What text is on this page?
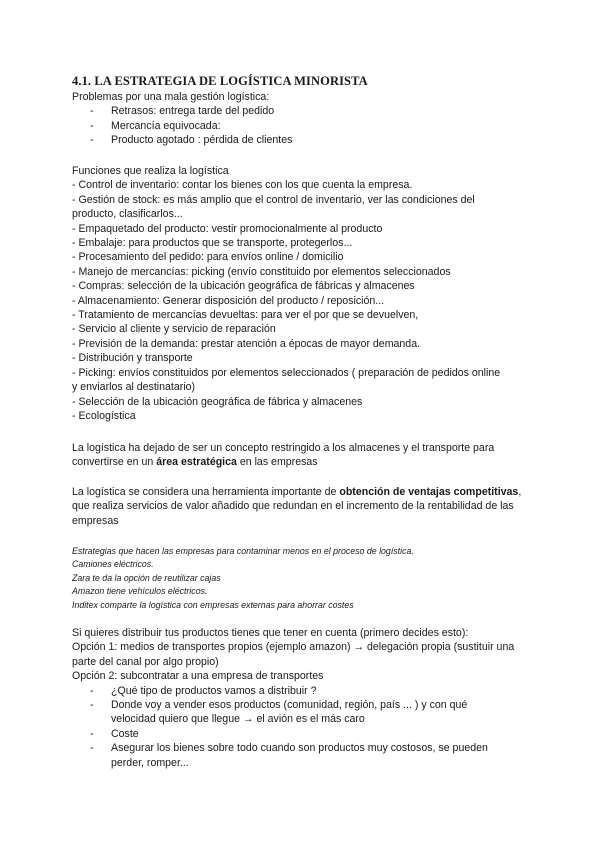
4.1. LA ESTRATEGIA DE LOGÍSTICA MINORISTA
Problemas por una mala gestión logística:
-	Retrasos: entrega tarde del pedido
-	Mercancía equivocada:
-	Producto agotado : pérdida de clientes
Funciones que realiza la logística
- Control de inventario: contar los bienes con los que cuenta la empresa.
- Gestión de stock: es más amplio que el control de inventario, ver las condiciones del
producto, clasificarlos...
- Empaquetado del producto: vestir promocionalmente al producto
- Embalaje: para productos que se transporte, protegerlos...
- Procesamiento del pedido: para envíos online / domicilio
- Manejo de mercancías: picking (envío constituido por elementos seleccionados
- Compras: selección de la ubicación geográfica de fábricas y almacenes
- Almacenamiento: Generar disposición del producto / reposición...
- Tratamiento de mercancías devueltas: para ver el por que se devuelven,
- Servicio al cliente y servicio de reparación
- Previsión de la demanda: prestar atención a épocas de mayor demanda.
- Distribución y transporte
- Picking: envíos constituidos por elementos seleccionados ( preparación de pedidos online
y enviarlos al destinatario)
- Selección de la ubicación geográfica de fábrica y almacenes
- Ecologística
La logística ha dejado de ser un concepto restringido a los almacenes y el transporte para convertirse en un área estratégica en las empresas
La logística se considera una herramienta importante de obtención de ventajas competitivas, que realiza servicios de valor añadido que redundan en el incremento de la rentabilidad de las empresas
Estrategias que hacen las empresas para contaminar menos en el proceso de logística.
Camiones eléctricos.
Zara te da la opción de reutilizar cajas
Amazon tiene vehículos eléctricos.
Inditex comparte la logística con empresas externas para ahorrar costes
Si quieres distribuir tus productos tienes que tener en cuenta (primero decides esto):
Opción 1: medios de transportes propios (ejemplo amazon) → delegación propia (sustituir una parte del canal por algo propio)
Opción 2: subcontratar a una empresa de transportes
-	¿Qué tipo de productos vamos a distribuir ?
-	Donde voy a vender esos productos (comunidad, región, país ... ) y con qué velocidad quiero que llegue → el avión es el más caro
-	Coste
-	Asegurar los bienes sobre todo cuando son productos muy costosos, se pueden perder, romper...
